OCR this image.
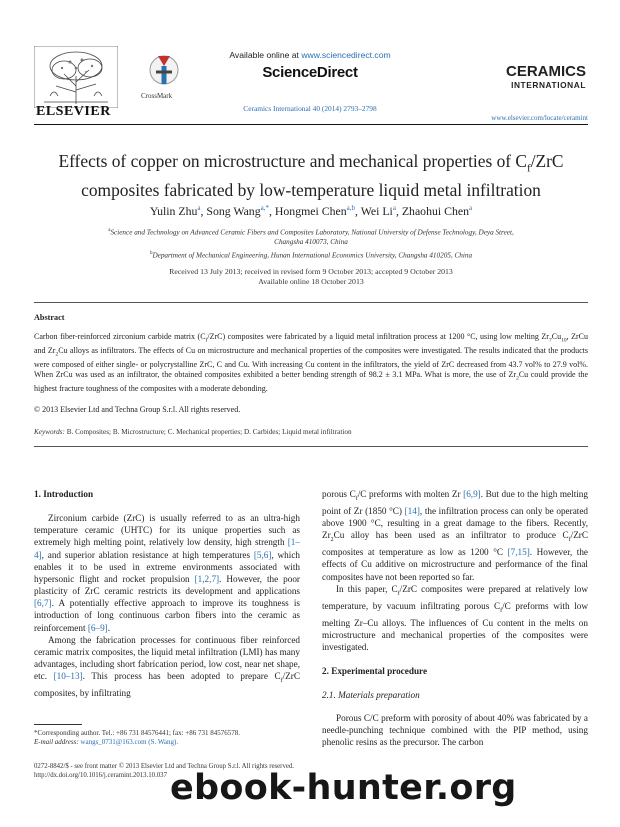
ELSEVIER
CrossMark
Available online at www.sciencedirect.com
ScienceDirect
Ceramics International 40 (2014) 2793–2798
CERAMICS
INTERNATIONAL
www.elsevier.com/locate/ceramint
Effects of copper on microstructure and mechanical properties of $C_f$/ZrC
composites fabricated by low-temperature liquid metal infiltration
Yulin Zhu$^a$, Song Wang$^{a,*}$, Hongmei Chen$^{a,b}$, Wei Li$^a$, Zhaohui Chen$^a$
$^a$Science and Technology on Advanced Ceramic Fibers and Composites Laboratory, National University of Defense Technology, Deya Street,
Changsha 410073, China
$^b$Department of Mechanical Engineering, Hunan International Economics University, Changsha 410205, China
Received 13 July 2013; received in revised form 9 October 2013; accepted 9 October 2013
Available online 18 October 2013
Abstract
Carbon fiber-reinforced zirconium carbide matrix $(C_f/ZrC)$ composites were fabricated by a liquid metal infiltration process at 1200 °C, using low melting $Zr_7Cu_{10}$, ZrCu and $Zr_2Cu$ alloys as infiltrators. The effects of Cu on microstructure and mechanical properties of the composites were investigated. The results indicated that the products were composed of either single- or polycrystalline ZrC, C and Cu. With increasing Cu content in the infiltrators, the yield of ZrC decreased from 43.7 vol% to 27.9 vol%. When ZrCu was used as an infiltrator, the obtained composites exhibited a better bending strength of 98.2 ± 3.1 MPa. What is more, the use of $Zr_2Cu$ could provide the highest fracture toughness of the composites with a moderate debonding.
© 2013 Elsevier Ltd and Techna Group S.r.l. All rights reserved.
Keywords: B. Composites; B. Microstructure; C. Mechanical properties; D. Carbides; Liquid metal infiltration
1. Introduction

Zirconium carbide (ZrC) is usually referred to as an ultra-high temperature ceramic (UHTC) for its unique properties such as extremely high melting point, relatively low density, high strength [1–4], and superior ablation resistance at high temperatures [5,6], which enables it to be used in extreme environments associated with hypersonic flight and rocket propulsion [1,2,7]. However, the poor plasticity of ZrC ceramic restricts its development and applications [6,7]. A potentially effective approach to improve its toughness is introduction of long continuous carbon fibers into the ceramic as reinforcement [6–9].

Among the fabrication processes for continuous fiber reinforced ceramic matrix composites, the liquid metal infiltration (LMI) has many advantages, including short fabrication period, low cost, near net shape, etc. [10–13]. This process has been adopted to prepare $C_f$/ZrC composites, by infiltrating

*Corresponding author. Tel.: +86 731 84576441; fax: +86 731 84576578.
E-mail address: wangs_0731@163.com (S. Wang).

porous $C_f/C$ preforms with molten Zr [6,9]. But due to the high melting point of Zr (1850 °C) [14], the infiltration process can only be operated above 1900 °C, resulting in a great damage to the fibers. Recently, $Zr_2Cu$ alloy has been used as an infiltrator to produce $C_f$/ZrC composites at temperature as low as 1200 °C [7,15]. However, the effects of Cu additive on microstructure and performance of the final composites have not been reported so far.

In this paper, $C_f$/ZrC composites were prepared at relatively low temperature, by vacuum infiltrating porous $C_f/C$ preforms with low melting Zr–Cu alloys. The influences of Cu content in the melts on microstructure and mechanical properties of the composites were investigated.

2. Experimental procedure
2.1. Materials preparation

Porous C/C preform with porosity of about 40% was fabricated by a needle-punching technique combined with the PIP method, using phenolic resins as the precursor. The carbon

0272-8842/$ - see front matter © 2013 Elsevier Ltd and Techna Group S.r.l. All rights reserved.
http://dx.doi.org/10.1016/j.ceramint.2013.10.037 ebook-hunter.org
